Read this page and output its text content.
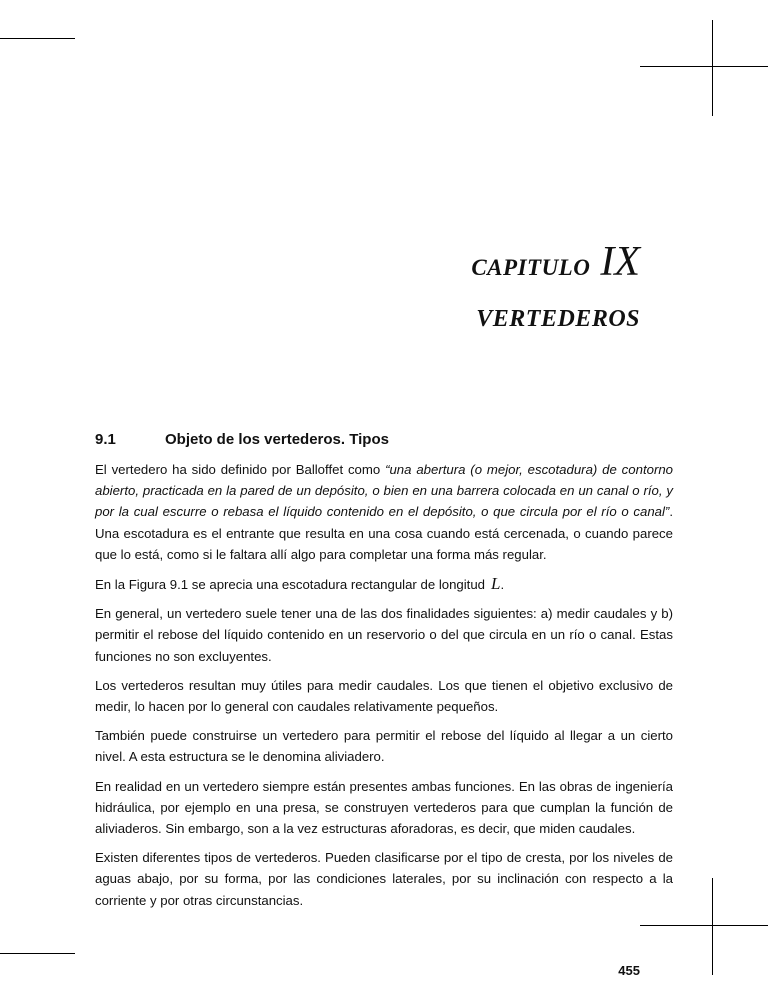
CAPITULO IX
VERTEDEROS
9.1	Objeto de los vertederos. Tipos

El vertedero ha sido definido por Balloffet como “una abertura (o mejor, escotadura) de contorno abierto, practicada en la pared de un depósito, o bien en una barrera colocada en un canal o río, y por la cual escurre o rebasa el líquido contenido en el depósito, o que circula por el río o canal”. Una escotadura es el entrante que resulta en una cosa cuando está cercenada, o cuando parece que lo está, como si le faltara allí algo para completar una forma más regular.

En la Figura 9.1 se aprecia una escotadura rectangular de longitud L.

En general, un vertedero suele tener una de las dos finalidades siguientes: a) medir caudales y b) permitir el rebose del líquido contenido en un reservorio o del que circula en un río o canal. Estas funciones no son excluyentes.

Los vertederos resultan muy útiles para medir caudales. Los que tienen el objetivo exclusivo de medir, lo hacen por lo general con caudales relativamente pequeños.

También puede construirse un vertedero para permitir el rebose del líquido al llegar a un cierto nivel. A esta estructura se le denomina aliviadero.

En realidad en un vertedero siempre están presentes ambas funciones. En las obras de ingeniería hidráulica, por ejemplo en una presa, se construyen vertederos para que cumplan la función de aliviaderos. Sin embargo, son a la vez estructuras aforadoras, es decir, que miden caudales.

Existen diferentes tipos de vertederos. Pueden clasificarse por el tipo de cresta, por los niveles de aguas abajo, por su forma, por las condiciones laterales, por su inclinación con respecto a la corriente y por otras circunstancias.

455
